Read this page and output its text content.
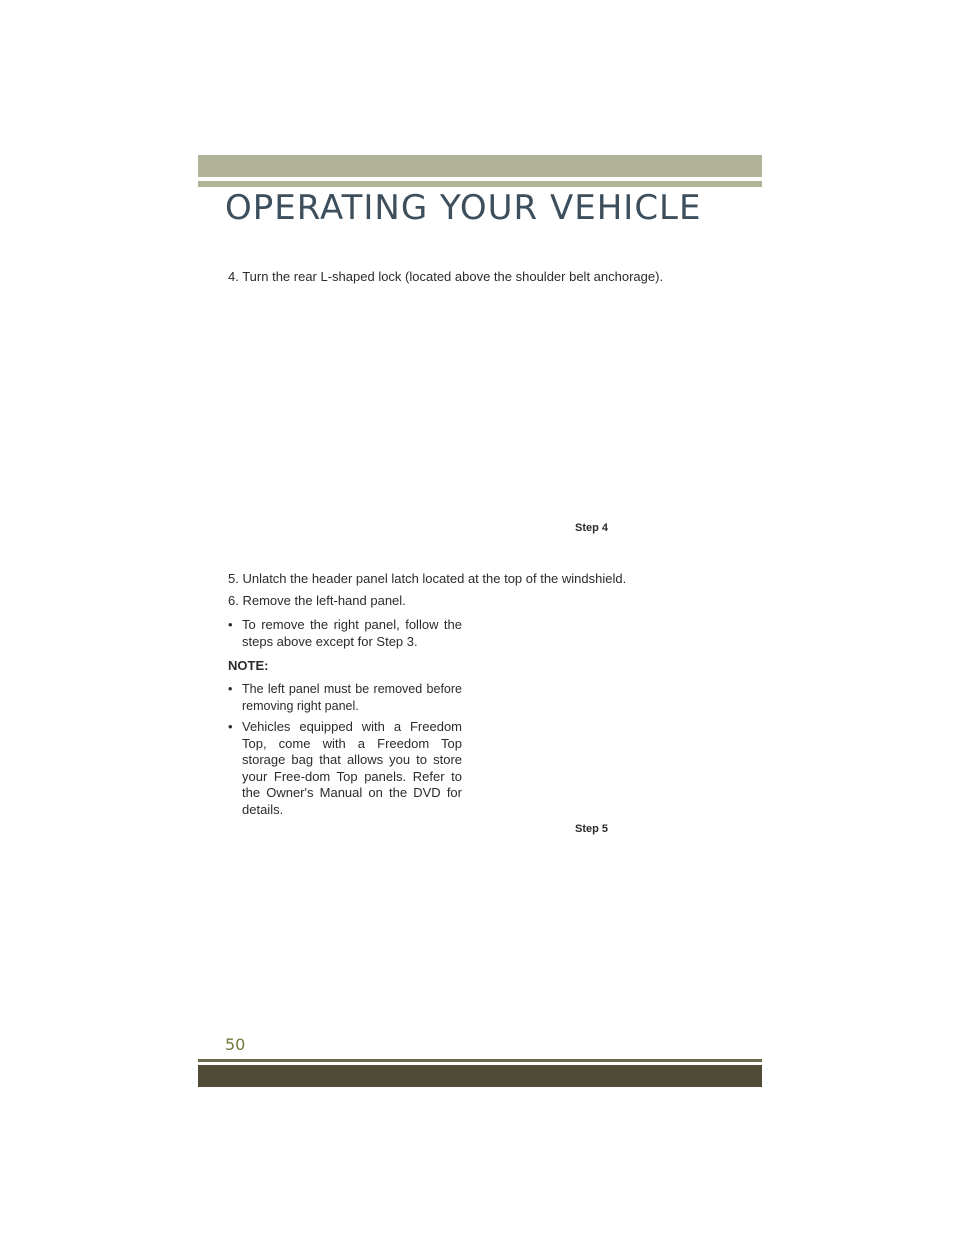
OPERATING YOUR VEHICLE
4. Turn the rear L-shaped lock (located above the shoulder belt anchorage).
Step 4
5. Unlatch the header panel latch located at the top of the windshield.
6. Remove the left-hand panel.
• To remove the right panel, follow the steps above except for Step 3.
NOTE:
• The left panel must be removed before removing right panel.
• Vehicles equipped with a Freedom Top, come with a Freedom Top storage bag that allows you to store your Free-dom Top panels. Refer to the Owner's Manual on the DVD for details.
Step 5
50
